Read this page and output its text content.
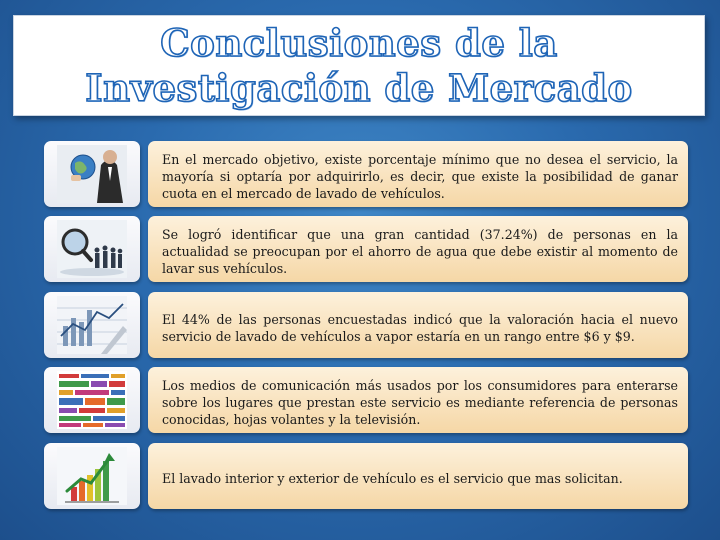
Conclusiones de la Investigación de Mercado

En el mercado objetivo, existe porcentaje mínimo que no desea el servicio, la mayoría si optaría por adquirirlo, es decir, que existe la posibilidad de ganar cuota en el mercado de lavado de vehículos.

Se logró identificar que una gran cantidad (37.24%) de personas en la actualidad se preocupan por el ahorro de agua que debe existir al momento de lavar sus vehículos.

El 44% de las personas encuestadas indicó que la valoración hacia el nuevo servicio de lavado de vehículos a vapor estaría en un rango entre $6 y $9.

Los medios de comunicación más usados por los consumidores para enterarse sobre los lugares que prestan este servicio es mediante referencia de personas conocidas, hojas volantes y la televisión.

El lavado interior y exterior de vehículo es el servicio que mas solicitan.
